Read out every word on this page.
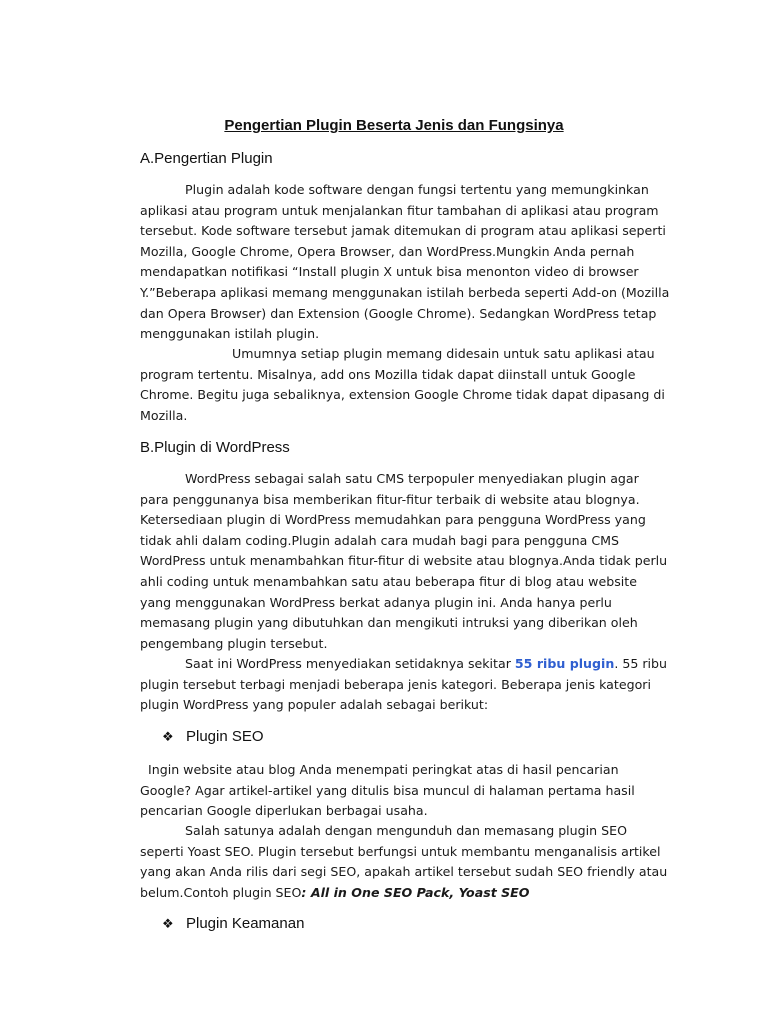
Pengertian Plugin Beserta Jenis dan Fungsinya
A.Pengertian Plugin

Plugin adalah kode software dengan fungsi tertentu yang memungkinkan aplikasi atau program untuk menjalankan fitur tambahan di aplikasi atau program tersebut. Kode software tersebut jamak ditemukan di program atau aplikasi seperti Mozilla, Google Chrome, Opera Browser, dan WordPress.Mungkin Anda pernah mendapatkan notifikasi “Install plugin X untuk bisa menonton video di browser Y.”Beberapa aplikasi memang menggunakan istilah berbeda seperti Add-on (Mozilla dan Opera Browser) dan Extension (Google Chrome). Sedangkan WordPress tetap menggunakan istilah plugin.

Umumnya setiap plugin memang didesain untuk satu aplikasi atau program tertentu. Misalnya, add ons Mozilla tidak dapat diinstall untuk Google Chrome. Begitu juga sebaliknya, extension Google Chrome tidak dapat dipasang di Mozilla.

B.Plugin di WordPress

WordPress sebagai salah satu CMS terpopuler menyediakan plugin agar para penggunanya bisa memberikan fitur-fitur terbaik di website atau blognya. Ketersediaan plugin di WordPress memudahkan para pengguna WordPress yang tidak ahli dalam coding.Plugin adalah cara mudah bagi para pengguna CMS WordPress untuk menambahkan fitur-fitur di website atau blognya.Anda tidak perlu ahli coding untuk menambahkan satu atau beberapa fitur di blog atau website yang menggunakan WordPress berkat adanya plugin ini. Anda hanya perlu memasang plugin yang dibutuhkan dan mengikuti intruksi yang diberikan oleh pengembang plugin tersebut.

Saat ini WordPress menyediakan setidaknya sekitar 55 ribu plugin. 55 ribu plugin tersebut terbagi menjadi beberapa jenis kategori. Beberapa jenis kategori plugin WordPress yang populer adalah sebagai berikut:

❖ Plugin SEO

Ingin website atau blog Anda menempati peringkat atas di hasil pencarian Google? Agar artikel-artikel yang ditulis bisa muncul di halaman pertama hasil pencarian Google diperlukan berbagai usaha.

Salah satunya adalah dengan mengunduh dan memasang plugin SEO seperti Yoast SEO. Plugin tersebut berfungsi untuk membantu menganalisis artikel yang akan Anda rilis dari segi SEO, apakah artikel tersebut sudah SEO friendly atau belum.Contoh plugin SEO: All in One SEO Pack, Yoast SEO

❖ Plugin Keamanan
